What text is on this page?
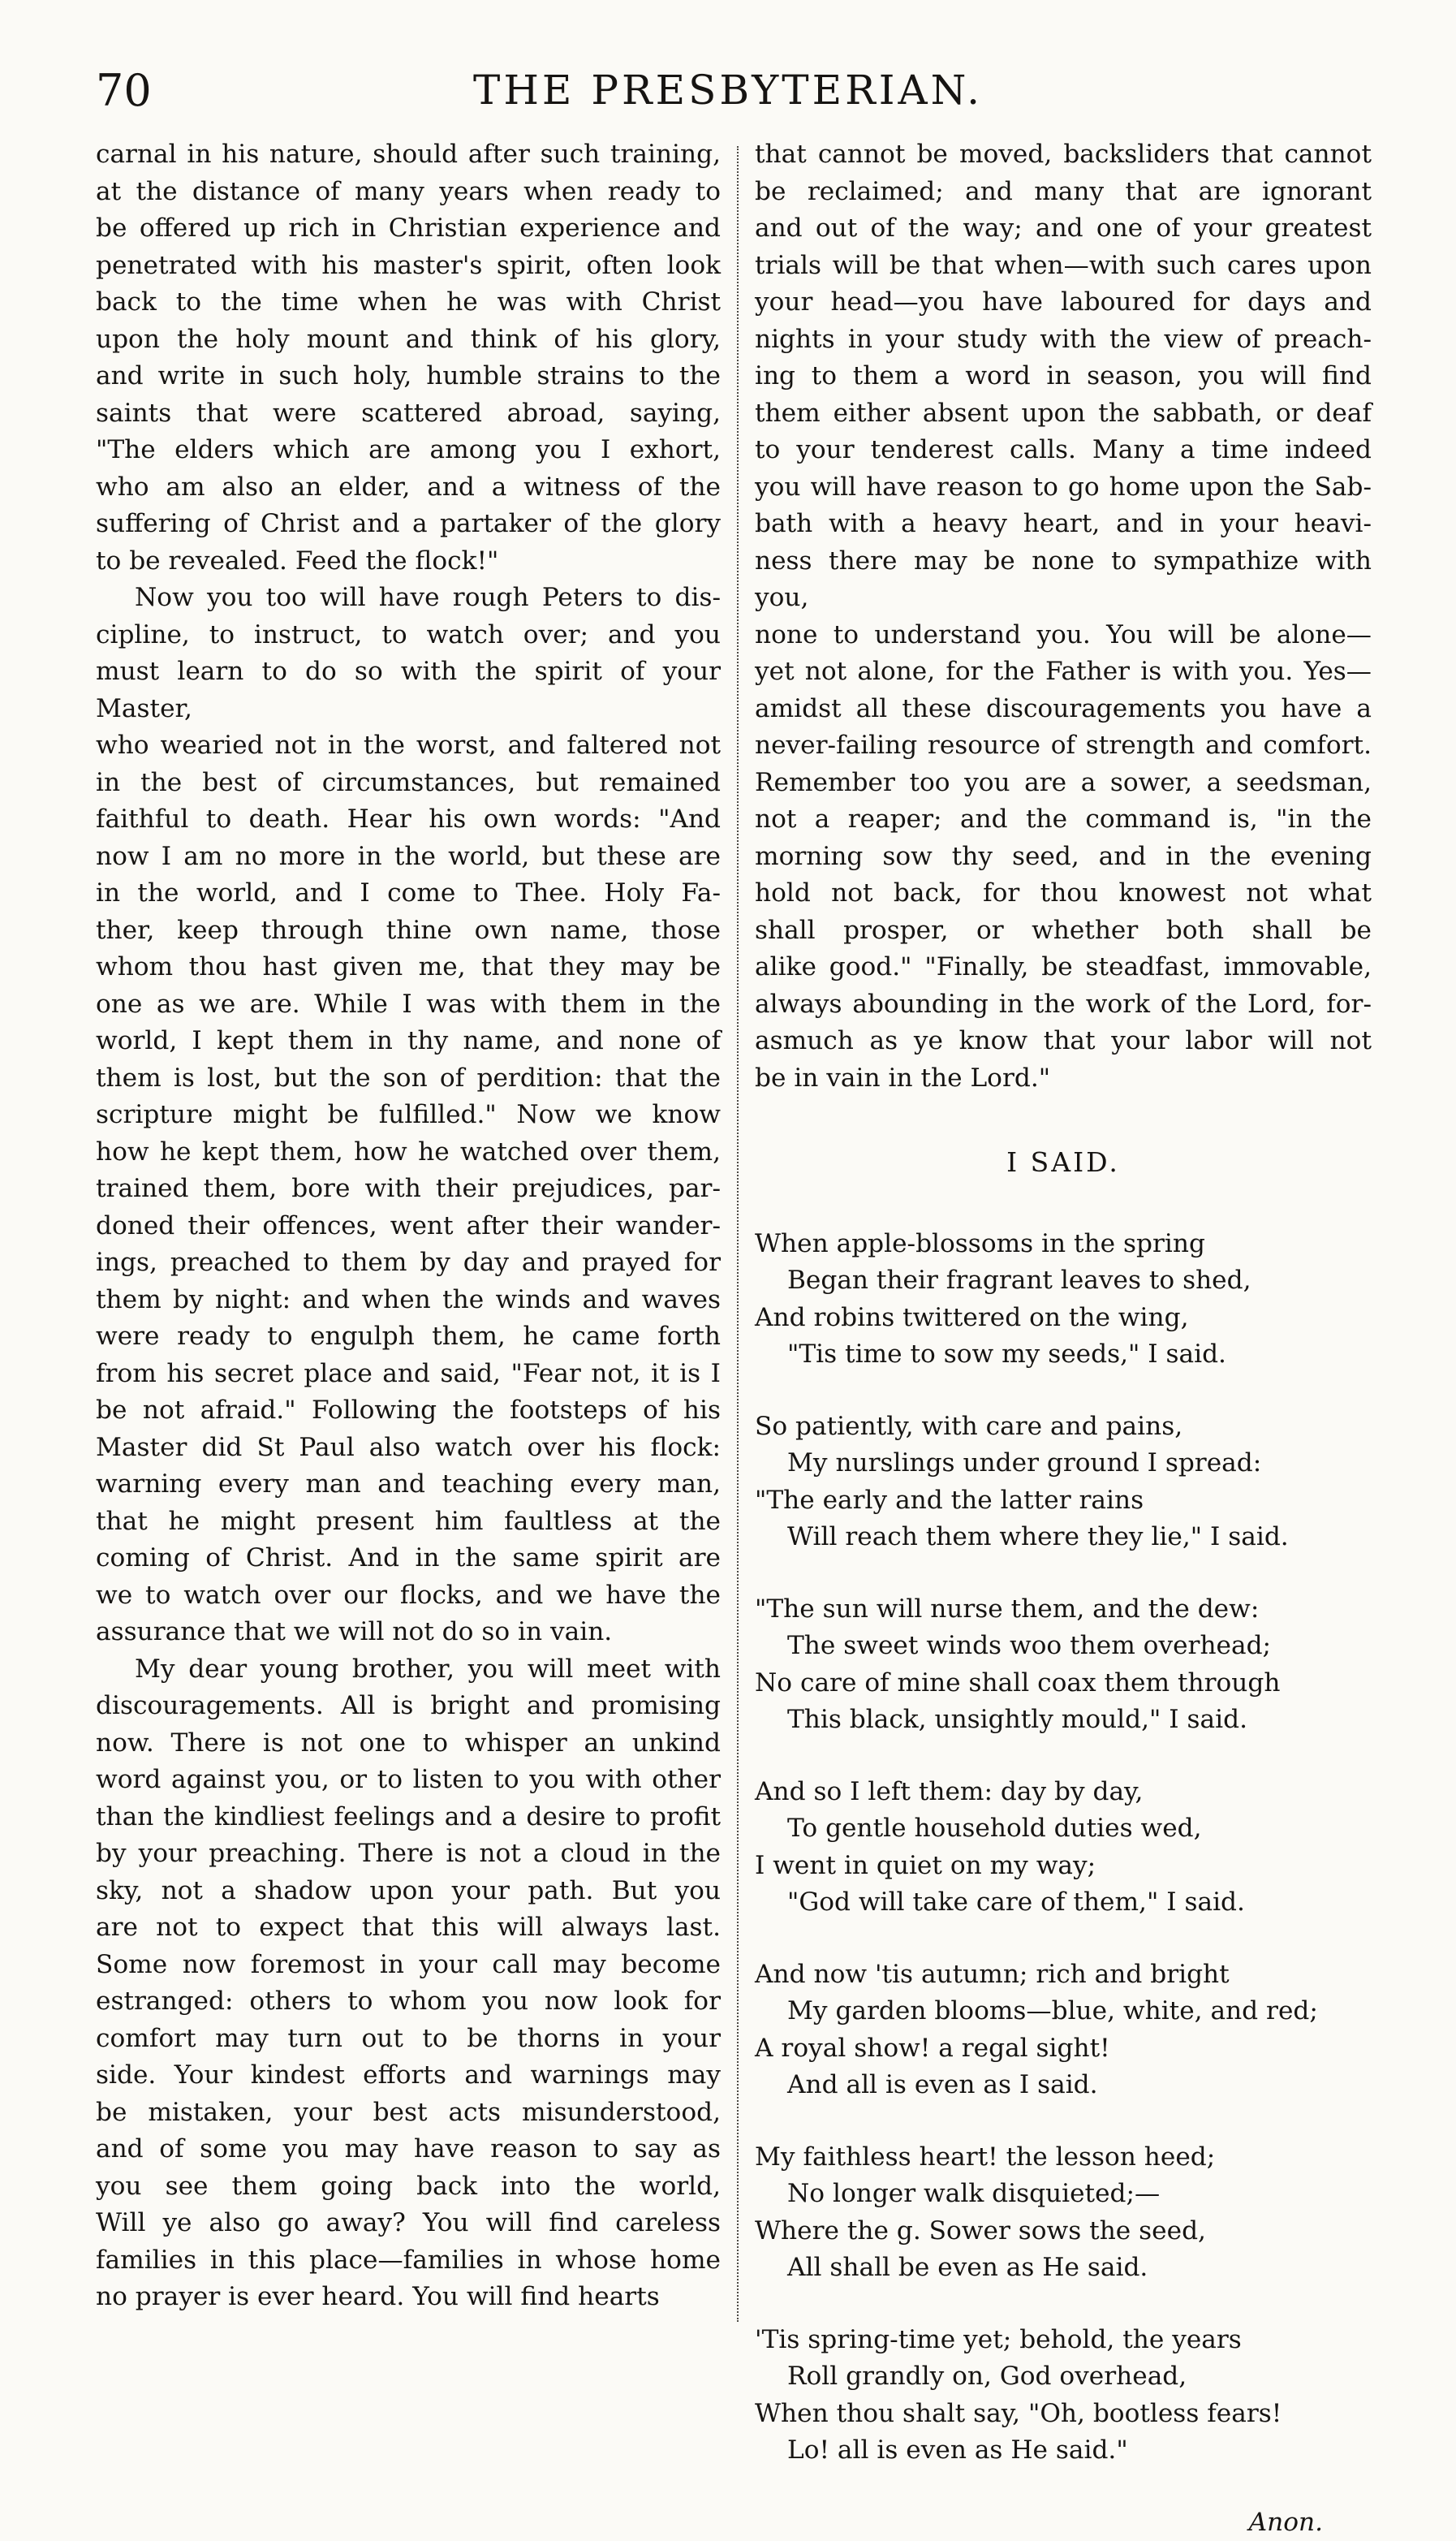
70	THE PRESBYTERIAN.

carnal in his nature, should after such training,

at the distance of many years when ready to

be offered up rich in Christian experience and

penetrated with his master's spirit, often look

back to the time when he was with Christ

upon the holy mount and think of his glory,

and write in such holy, humble strains to the

saints that were scattered abroad, saying,

"The elders which are among you I exhort,

who am also an elder, and a witness of the

suffering of Christ and a partaker of the glory

to be revealed. Feed the flock!"

Now you too will have rough Peters to dis-

cipline, to instruct, to watch over; and you

must learn to do so with the spirit of your Master,

who wearied not in the worst, and faltered not

in the best of circumstances, but remained

faithful to death. Hear his own words: "And

now I am no more in the world, but these are

in the world, and I come to Thee. Holy Fa-

ther, keep through thine own name, those

whom thou hast given me, that they may be

one as we are. While I was with them in the

world, I kept them in thy name, and none of

them is lost, but the son of perdition: that the

scripture might be fulfilled." Now we know

how he kept them, how he watched over them,

trained them, bore with their prejudices, par-

doned their offences, went after their wander-

ings, preached to them by day and prayed for

them by night: and when the winds and waves

were ready to engulph them, he came forth

from his secret place and said, "Fear not, it is I

be not afraid." Following the footsteps of his

Master did St Paul also watch over his flock:

warning every man and teaching every man,

that he might present him faultless at the

coming of Christ. And in the same spirit are

we to watch over our flocks, and we have the

assurance that we will not do so in vain.

My dear young brother, you will meet with

discouragements. All is bright and promising

now. There is not one to whisper an unkind

word against you, or to listen to you with other

than the kindliest feelings and a desire to profit

by your preaching. There is not a cloud in the

sky, not a shadow upon your path. But you

are not to expect that this will always last.

Some now foremost in your call may become

estranged: others to whom you now look for

comfort may turn out to be thorns in your

side. Your kindest efforts and warnings may

be mistaken, your best acts misunderstood,

and of some you may have reason to say as

you see them going back into the world,

Will ye also go away? You will find careless

families in this place—families in whose home

no prayer is ever heard. You will find hearts

that cannot be moved, backsliders that cannot

be reclaimed; and many that are ignorant

and out of the way; and one of your greatest

trials will be that when—with such cares upon

your head—you have laboured for days and

nights in your study with the view of preach-

ing to them a word in season, you will find

them either absent upon the sabbath, or deaf

to your tenderest calls. Many a time indeed

you will have reason to go home upon the Sab-

bath with a heavy heart, and in your heavi-

ness there may be none to sympathize with you,

none to understand you. You will be alone—

yet not alone, for the Father is with you. Yes—

amidst all these discouragements you have a

never-failing resource of strength and comfort.

Remember too you are a sower, a seedsman,

not a reaper; and the command is, "in the

morning sow thy seed, and in the evening

hold not back, for thou knowest not what

shall prosper, or whether both shall be

alike good." "Finally, be steadfast, immovable,

always abounding in the work of the Lord, for-

asmuch as ye know that your labor will not

be in vain in the Lord."

I SAID.
When apple-blossoms in the spring
Began their fragrant leaves to shed,
And robins twittered on the wing,
"Tis time to sow my seeds," I said.
So patiently, with care and pains,
My nurslings under ground I spread:
"The early and the latter rains
Will reach them where they lie," I said.
"The sun will nurse them, and the dew:
The sweet winds woo them overhead;
No care of mine shall coax them through
This black, unsightly mould," I said.
And so I left them: day by day,
To gentle household duties wed,
I went in quiet on my way;
"God will take care of them," I said.
And now 'tis autumn; rich and bright
My garden blooms—blue, white, and red;
A royal show! a regal sight!
And all is even as I said.
My faithless heart! the lesson heed;
No longer walk disquieted;—
Where the g. Sower sows the seed,
All shall be even as He said.
'Tis spring-time yet; behold, the years
Roll grandly on, God overhead,
When thou shalt say, "Oh, bootless fears!
Lo! all is even as He said."
Anon.
